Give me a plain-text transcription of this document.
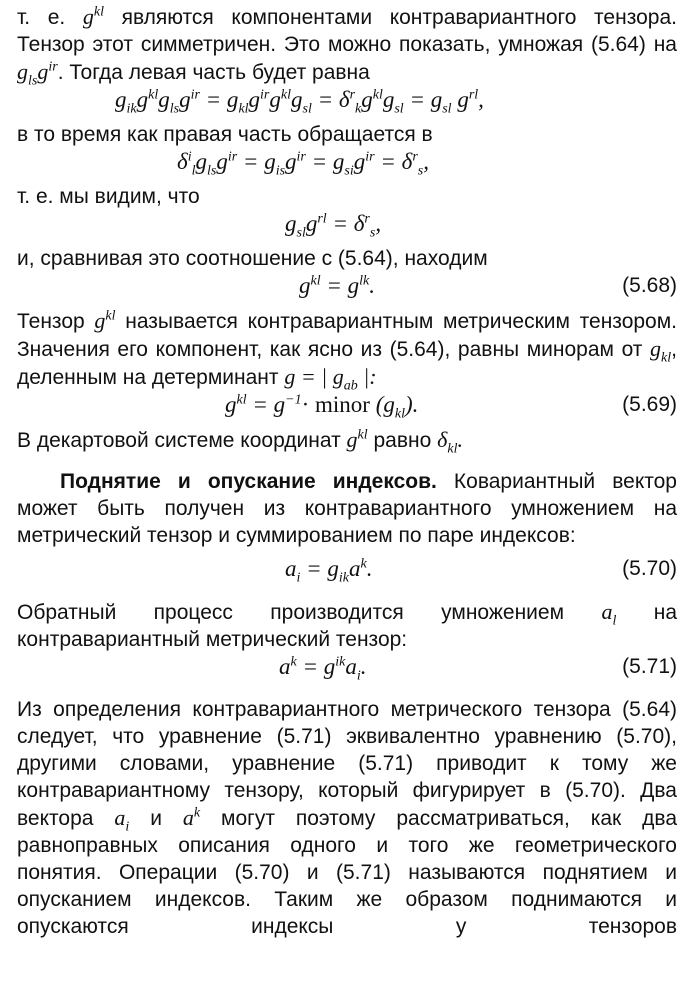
т. е. $g^{kl}$ являются компонентами контравариантного тензора. Тензор этот симметричен. Это можно показать, умножая (5.64) на $g_{ls}g^{ir}$. Тогда левая часть будет равна
$g_{ik}g^{kl}g_{ls}g^{ir} = g_{kl}g^{ir}g^{kl}g_{sl} = \delta^r_kg^{kl}g_{sl} = g_{sl}$ $g^{rl}$,
в то время как правая часть обращается в
$\delta^i_lg_{ls}g^{ir} = g_{is}g^{ir} = g_{si}g^{ir} = \delta^r_s$,
т. е. мы видим, что
$g_{sl}g^{rl} = \delta^r_s$,
и, сравнивая это соотношение с (5.64), находим
$g^{kl} = g^{lk}$.	(5.68)
Тензор $g^{kl}$ называется контравариантным метрическим тензором. Значения его компонент, как ясно из (5.64), равны минорам от $g_{kl}$, деленным на детерминант g = | $g_{ab}$ |:
$g^{kl} = g^{-1}\cdot$ minor $(g_{kl})$.	(5.69)
В декартовой системе координат $g^{kl}$ равно $\delta_{kl}$.
Поднятие и опускание индексов. Ковариантный вектор может быть получен из контравариантного умножением на метрический тензор и суммированием по паре индексов:
$a_i = g_{ik}a^k$.	(5.70)
Обратный процесс производится умножением $a_l$ на контравариантный метрический тензор:
$a^k = g^{ik}a_i$.	(5.71)
Из определения контравариантного метрического тензора (5.64) следует, что уравнение (5.71) эквивалентно уравнению (5.70), другими словами, уравнение (5.71) приводит к тому же контравариантному тензору, который фигурирует в (5.70). Два вектора $a_i$ и $a^k$ могут поэтому рассматриваться, как два равноправных описания одного и того же геометрического понятия. Операции (5.70) и (5.71) называются поднятием и опусканием индексов. Таким же образом поднимаются и опускаются индексы у тензоров
